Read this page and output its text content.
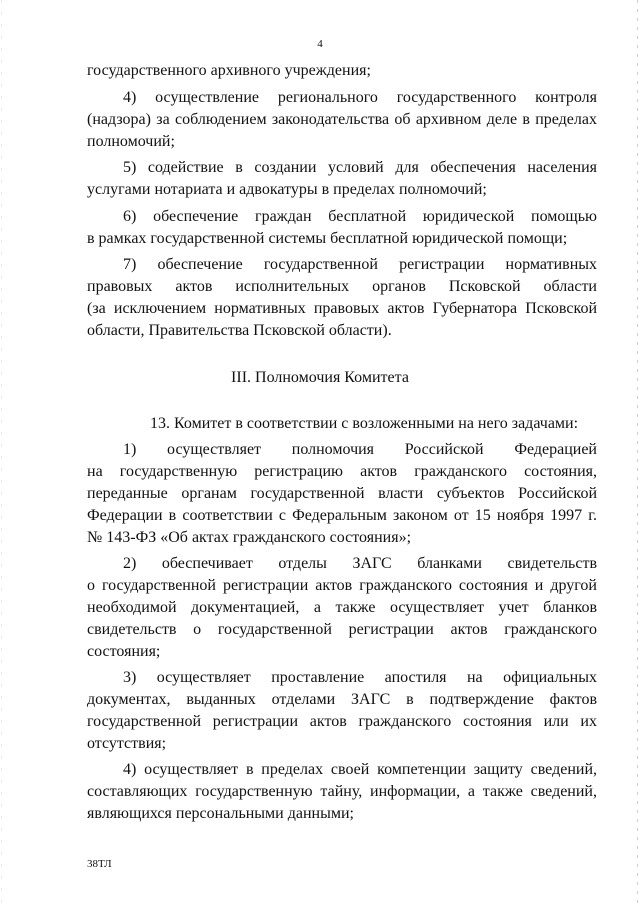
4
государственного архивного учреждения;
4) осуществление регионального государственного контроля
(надзора) за соблюдением законодательства об архивном деле в пределах
полномочий;
5) содействие в создании условий для обеспечения населения
услугами нотариата и адвокатуры в пределах полномочий;
6) обеспечение граждан бесплатной юридической помощью
в рамках государственной системы бесплатной юридической помощи;
7) обеспечение государственной регистрации нормативных
правовых актов исполнительных органов Псковской области
(за исключением нормативных правовых актов Губернатора Псковской
области, Правительства Псковской области).
III. Полномочия Комитета
13. Комитет в соответствии с возложенными на него задачами:
1) осуществляет полномочия Российской Федерацией
на государственную регистрацию актов гражданского состояния,
переданные органам государственной власти субъектов Российской
Федерации в соответствии с Федеральным законом от 15 ноября 1997 г.
№ 143-ФЗ «Об актах гражданского состояния»;
2) обеспечивает отделы ЗАГС бланками свидетельств
о государственной регистрации актов гражданского состояния и другой
необходимой документацией, а также осуществляет учет бланков
свидетельств о государственной регистрации актов гражданского
состояния;
3) осуществляет проставление апостиля на официальных
документах, выданных отделами ЗАГС в подтверждение фактов
государственной регистрации актов гражданского состояния или их
отсутствия;
4) осуществляет в пределах своей компетенции защиту сведений,
составляющих государственную тайну, информации, а также сведений,
являющихся персональными данными;
38ТЛ
